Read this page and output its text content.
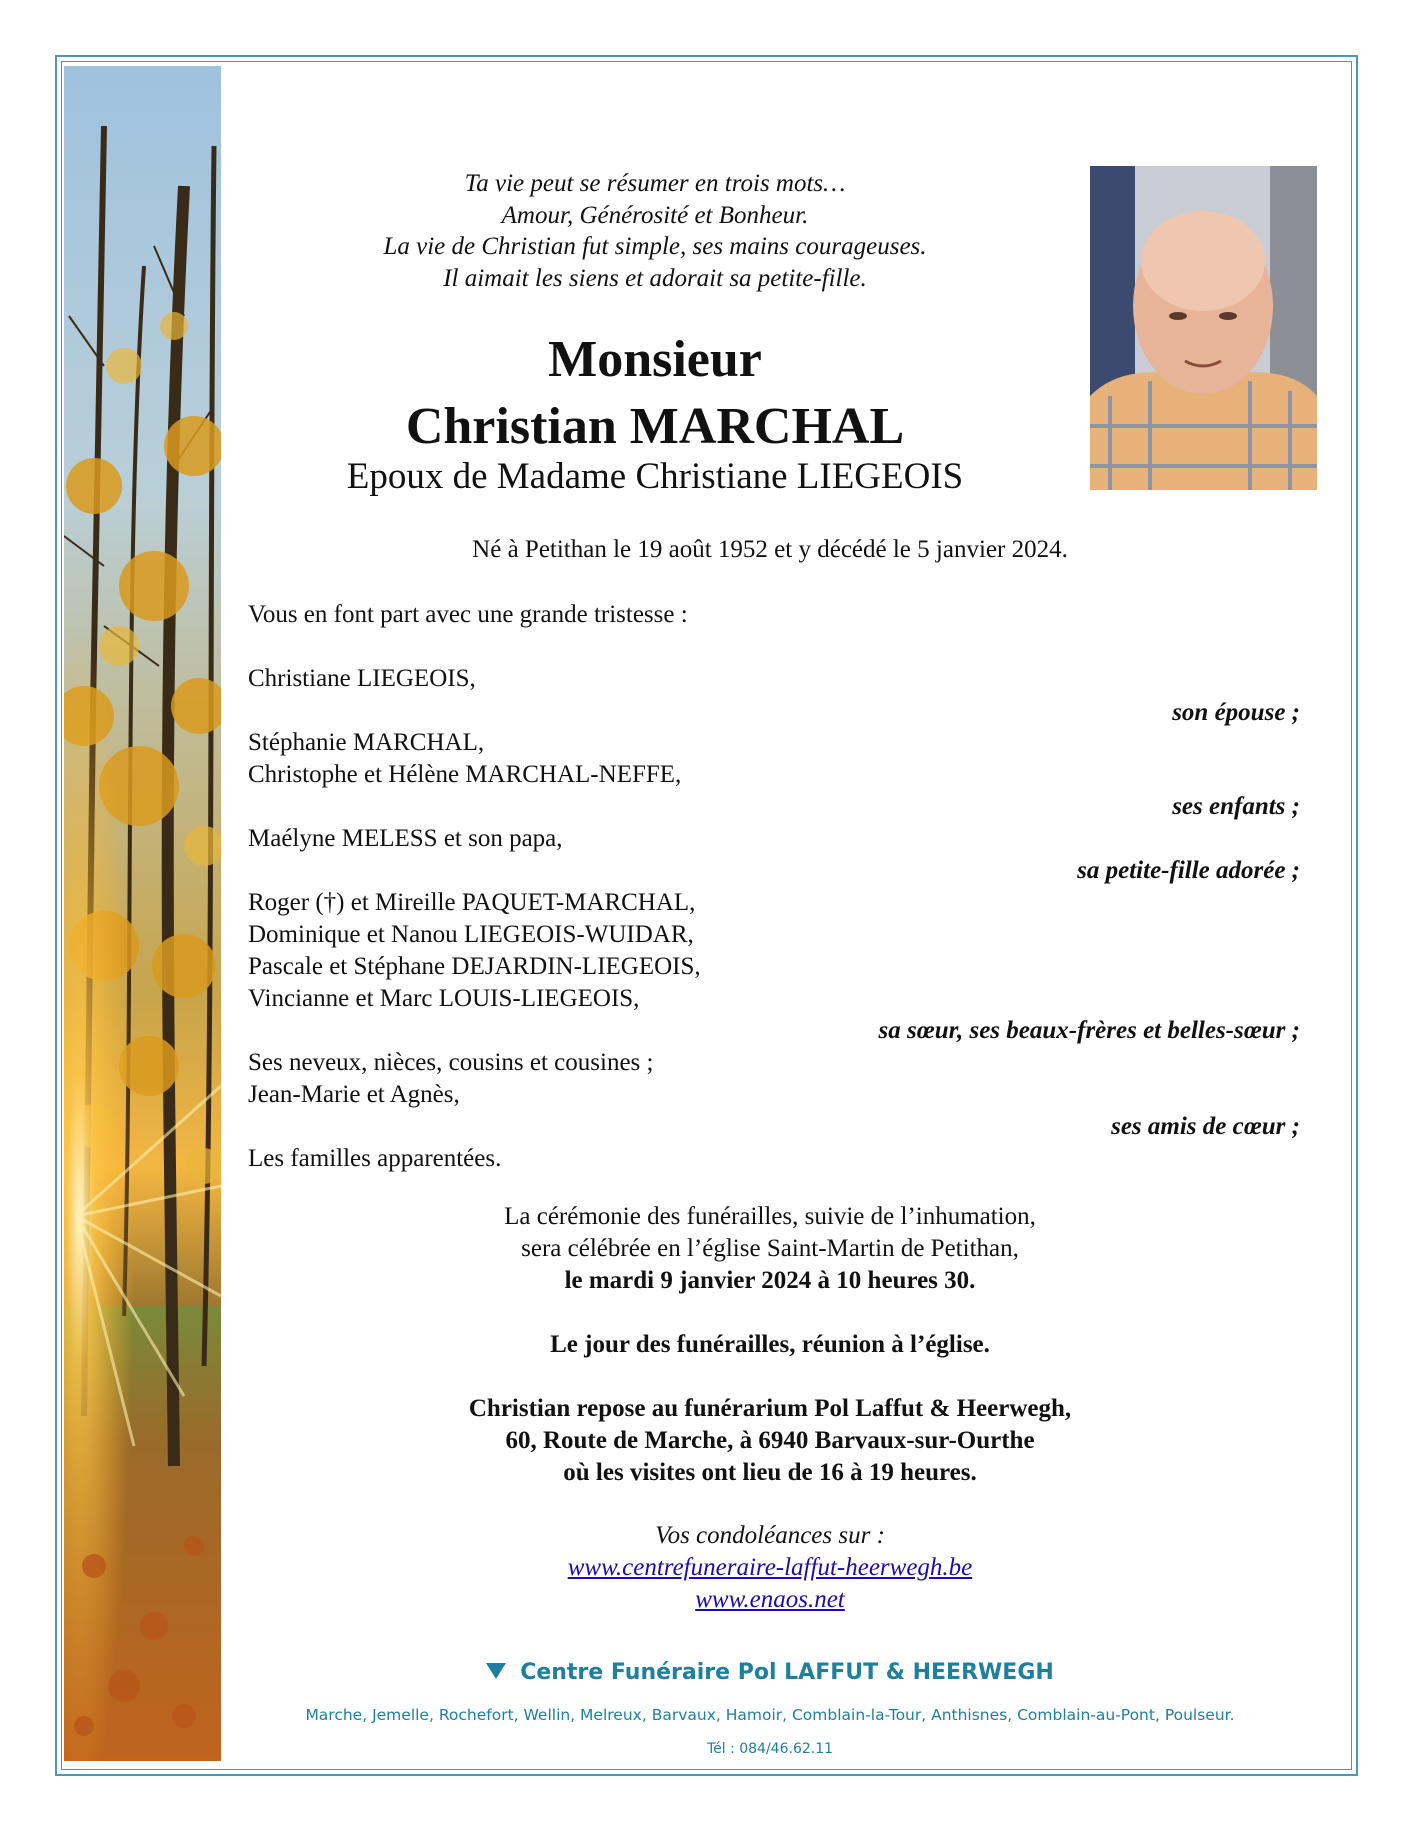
Ta vie peut se résumer en trois mots…
Amour, Générosité et Bonheur.
La vie de Christian fut simple, ses mains courageuses.
Il aimait les siens et adorait sa petite-fille.
Monsieur
Christian MARCHAL
Epoux de Madame Christiane LIEGEOIS
Né à Petithan le 19 août 1952 et y décédé le 5 janvier 2024.
Vous en font part avec une grande tristesse :
Christiane LIEGEOIS,
son épouse ;
Stéphanie MARCHAL,
Christophe et Hélène MARCHAL-NEFFE,
ses enfants ;
Maélyne MELESS et son papa,
sa petite-fille adorée ;
Roger (†) et Mireille PAQUET-MARCHAL,
Dominique et Nanou LIEGEOIS-WUIDAR,
Pascale et Stéphane DEJARDIN-LIEGEOIS,
Vincianne et Marc LOUIS-LIEGEOIS,
sa sœur, ses beaux-frères et belles-sœur ;
Ses neveux, nièces, cousins et cousines ;
Jean-Marie et Agnès,
ses amis de cœur ;
Les familles apparentées.
La cérémonie des funérailles, suivie de l’inhumation,
sera célébrée en l’église Saint-Martin de Petithan,
le mardi 9 janvier 2024 à 10 heures 30.
Le jour des funérailles, réunion à l’église.
Christian repose au funérarium Pol Laffut & Heerwegh,
60, Route de Marche, à 6940 Barvaux-sur-Ourthe
où les visites ont lieu de 16 à 19 heures.
Vos condoléances sur :
www.centrefuneraire-laffut-heerwegh.be
www.enaos.net
Centre Funéraire Pol LAFFUT & HEERWEGH
Marche, Jemelle, Rochefort, Wellin, Melreux, Barvaux, Hamoir, Comblain-la-Tour, Anthisnes, Comblain-au-Pont, Poulseur.
Tél : 084/46.62.11
